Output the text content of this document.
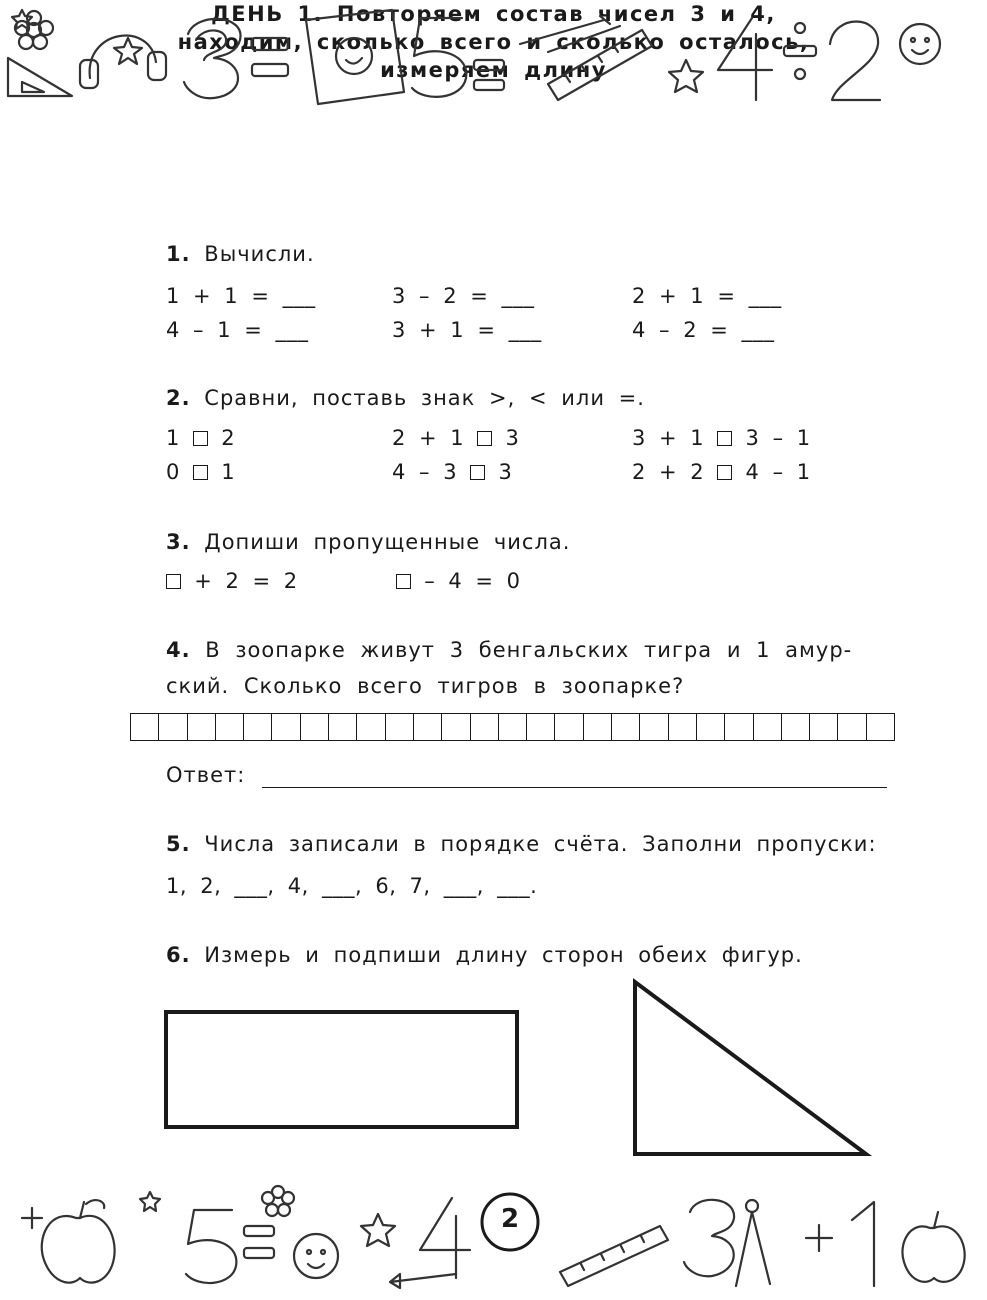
ДЕНЬ 1. Повторяем состав чисел 3 и 4,
находим, сколько всего и сколько осталось,
измеряем длину
1. Вычисли.
1 + 1 = ___	3 – 2 = ___	2 + 1 = ___
4 – 1 = ___	3 + 1 = ___	4 – 2 = ___
2. Сравни, поставь знак >, < или =.
1 2	2 + 1 3	3 + 1 3 – 1
0 1	4 – 3 3	2 + 2 4 – 1
3. Допиши пропущенные числа.
+ 2 = 2	– 4 = 0
4. В зоопарке живут 3 бенгальских тигра и 1 амур-
ский. Сколько всего тигров в зоопарке?
Ответ:
5. Числа записали в порядке счёта. Заполни пропуски:
1, 2, ___, 4, ___, 6, 7, ___, ___.
6. Измерь и подпиши длину сторон обеих фигур.
2
